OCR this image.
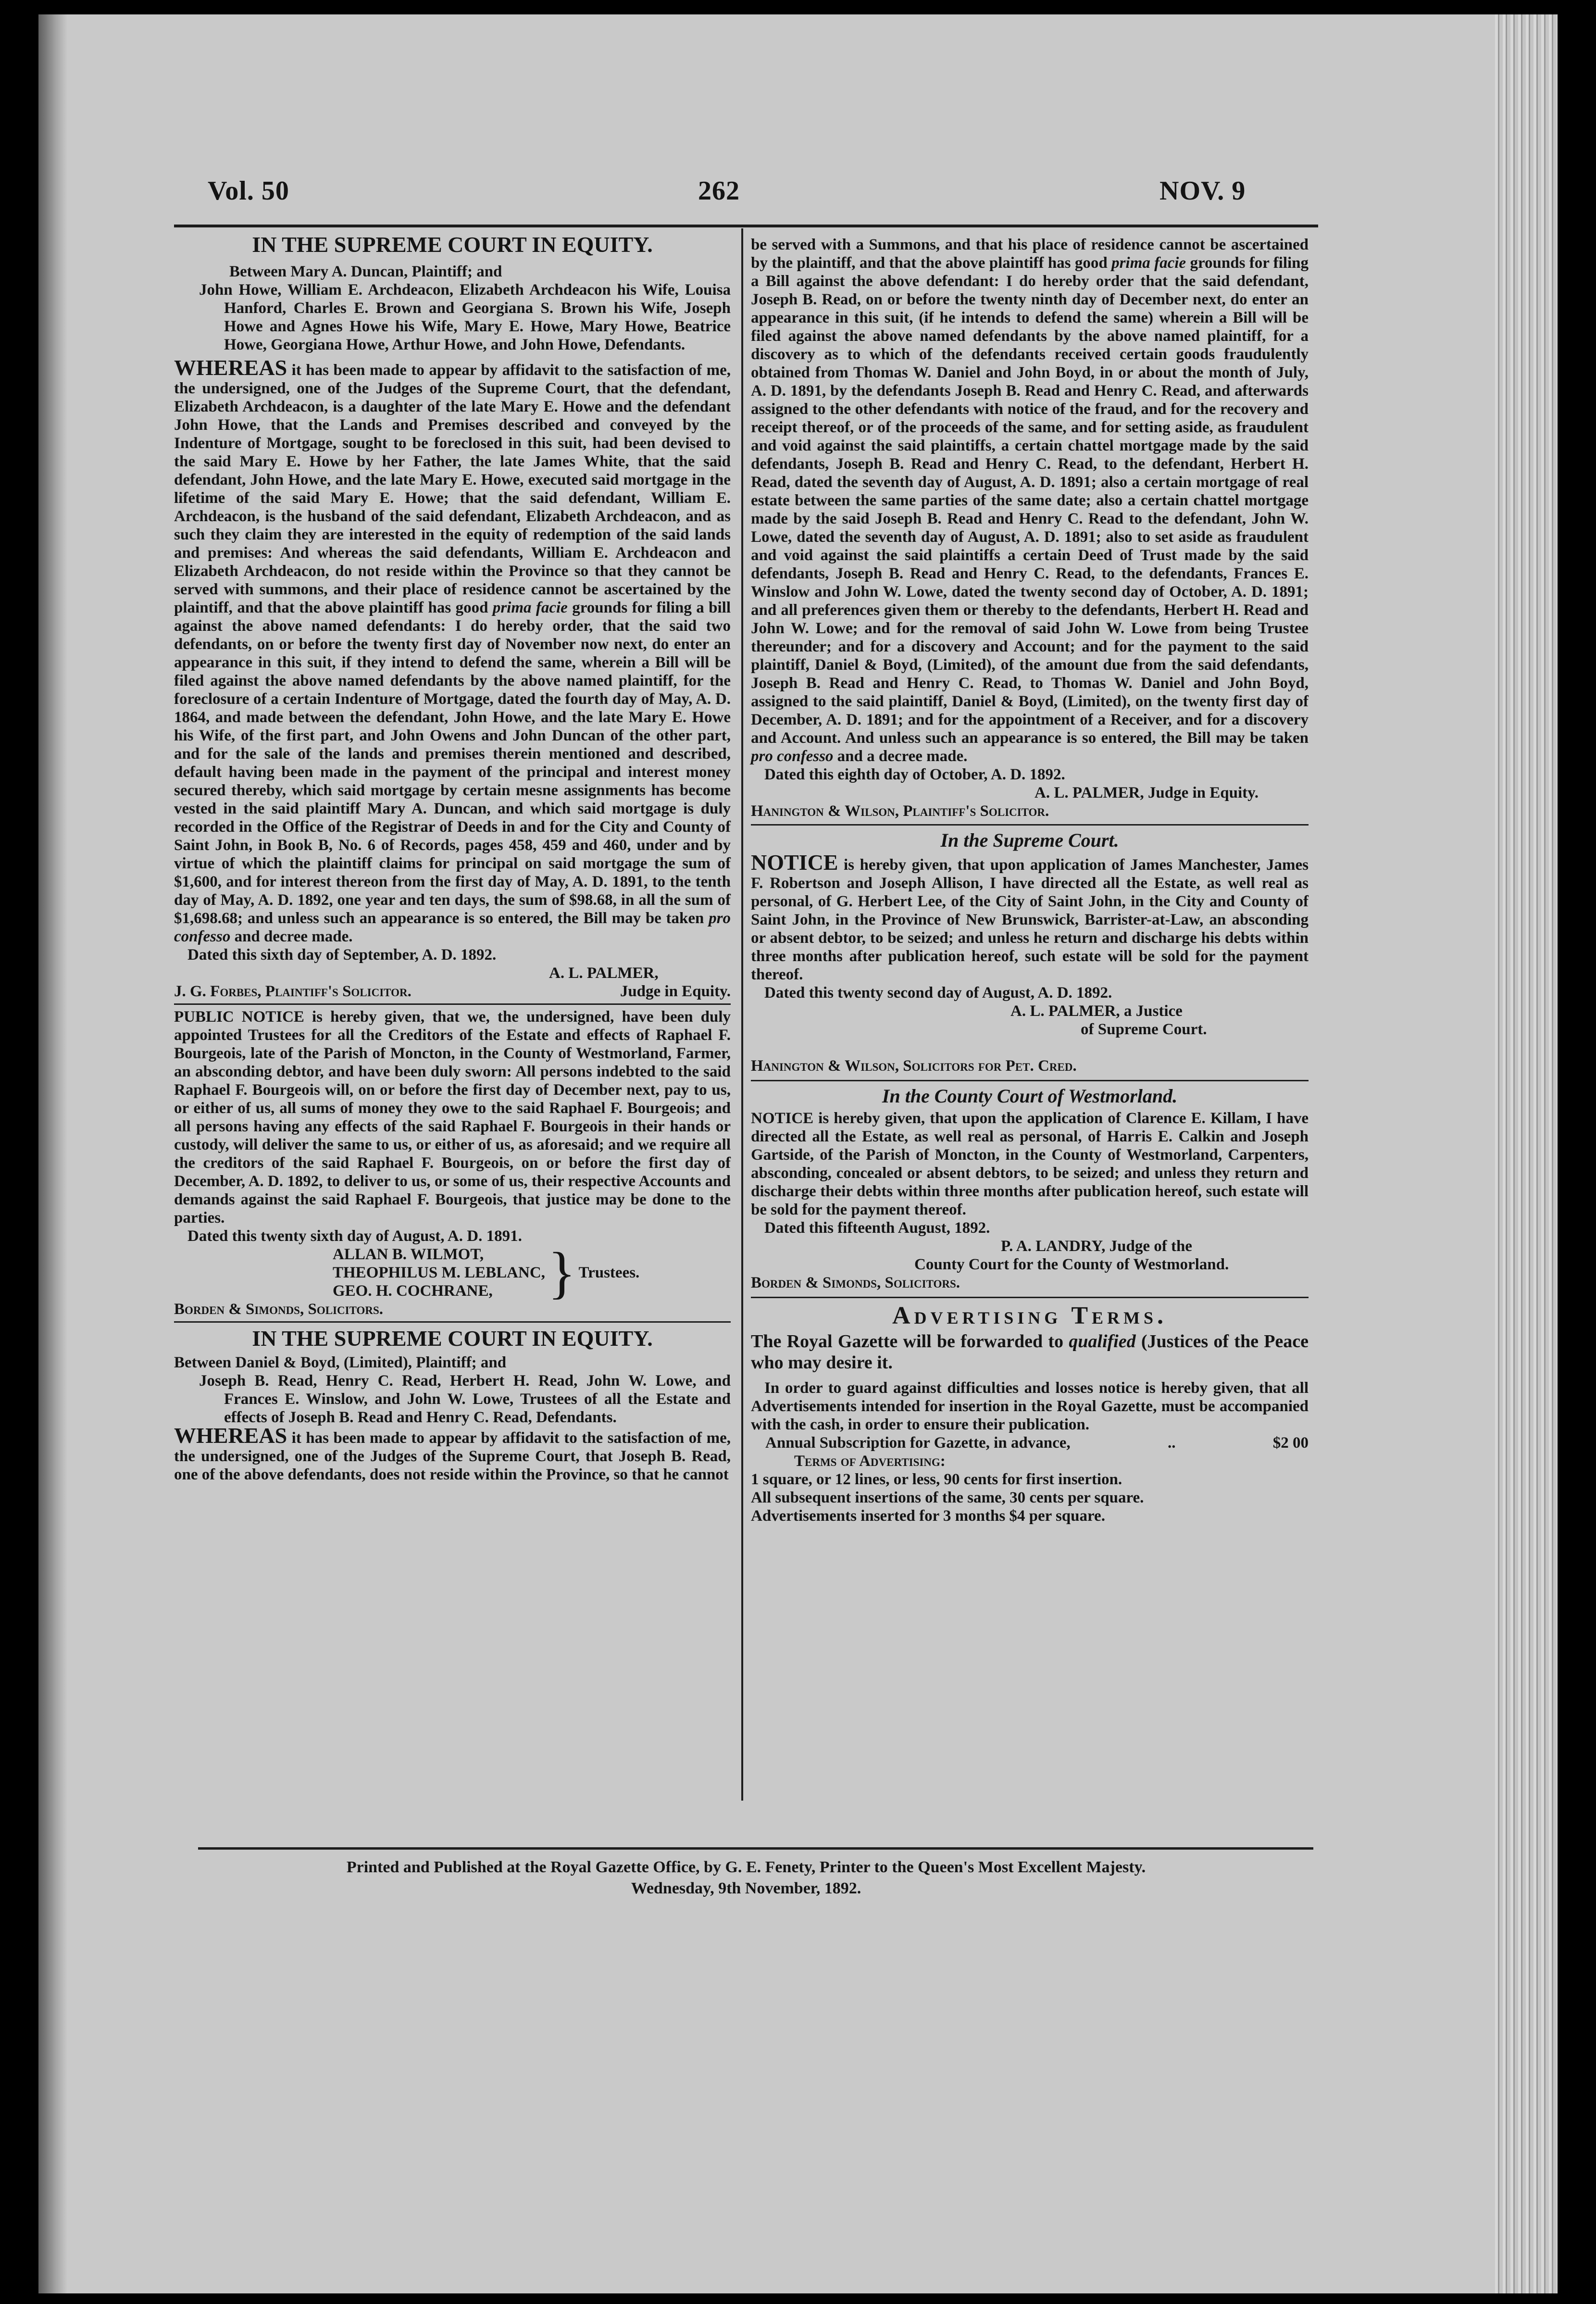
Vol. 50	262	NOV. 9
IN THE SUPREME COURT IN EQUITY.

Between Mary A. Duncan, Plaintiff; and

John Howe, William E. Archdeacon, Elizabeth Archdeacon his Wife, Louisa Hanford, Charles E. Brown and Georgiana S. Brown his Wife, Joseph Howe and Agnes Howe his Wife, Mary E. Howe, Mary Howe, Beatrice Howe, Georgiana Howe, Arthur Howe, and John Howe, Defendants.

WHEREAS it has been made to appear by affidavit to the satisfaction of me, the undersigned, one of the Judges of the Supreme Court, that the defendant, Elizabeth Archdeacon, is a daughter of the late Mary E. Howe and the defendant John Howe, that the Lands and Premises described and conveyed by the Indenture of Mortgage, sought to be foreclosed in this suit, had been devised to the said Mary E. Howe by her Father, the late James White, that the said defendant, John Howe, and the late Mary E. Howe, executed said mortgage in the lifetime of the said Mary E. Howe; that the said defendant, William E. Archdeacon, is the husband of the said defendant, Elizabeth Archdeacon, and as such they claim they are interested in the equity of redemption of the said lands and premises: And whereas the said defendants, William E. Archdeacon and Elizabeth Archdeacon, do not reside within the Province so that they cannot be served with summons, and their place of residence cannot be ascertained by the plaintiff, and that the above plaintiff has good prima facie grounds for filing a bill against the above named defendants: I do hereby order, that the said two defendants, on or before the twenty first day of November now next, do enter an appearance in this suit, if they intend to defend the same, wherein a Bill will be filed against the above named defendants by the above named plaintiff, for the foreclosure of a certain Indenture of Mortgage, dated the fourth day of May, A. D. 1864, and made between the defendant, John Howe, and the late Mary E. Howe his Wife, of the first part, and John Owens and John Duncan of the other part, and for the sale of the lands and premises therein mentioned and described, default having been made in the payment of the principal and interest money secured thereby, which said mortgage by certain mesne assignments has become vested in the said plaintiff Mary A. Duncan, and which said mortgage is duly recorded in the Office of the Registrar of Deeds in and for the City and County of Saint John, in Book B, No. 6 of Records, pages 458, 459 and 460, under and by virtue of which the plaintiff claims for principal on said mortgage the sum of $1,600, and for interest thereon from the first day of May, A. D. 1891, to the tenth day of May, A. D. 1892, one year and ten days, the sum of $98.68, in all the sum of $1,698.68; and unless such an appearance is so entered, the Bill may be taken pro confesso and decree made.

Dated this sixth day of September, A. D. 1892.

A. L. PALMER,
J. G. Forbes, Plaintiff's Solicitor.	Judge in Equity.

PUBLIC NOTICE is hereby given, that we, the undersigned, have been duly appointed Trustees for all the Creditors of the Estate and effects of Raphael F. Bourgeois, late of the Parish of Moncton, in the County of Westmorland, Farmer, an absconding debtor, and have been duly sworn: All persons indebted to the said Raphael F. Bourgeois will, on or before the first day of December next, pay to us, or either of us, all sums of money they owe to the said Raphael F. Bourgeois; and all persons having any effects of the said Raphael F. Bourgeois in their hands or custody, will deliver the same to us, or either of us, as aforesaid; and we require all the creditors of the said Raphael F. Bourgeois, on or before the first day of December, A. D. 1892, to deliver to us, or some of us, their respective Accounts and demands against the said Raphael F. Bourgeois, that justice may be done to the parties.

Dated this twenty sixth day of August, A. D. 1891.

ALLAN B. WILMOT,
THEOPHILUS M. LEBLANC,
GEO. H. COCHRANE, } Trustees.
Borden & Simonds, Solicitors.
IN THE SUPREME COURT IN EQUITY.

Between Daniel & Boyd, (Limited), Plaintiff; and

Joseph B. Read, Henry C. Read, Herbert H. Read, John W. Lowe, and Frances E. Winslow, and John W. Lowe, Trustees of all the Estate and effects of Joseph B. Read and Henry C. Read, Defendants.

WHEREAS it has been made to appear by affidavit to the satisfaction of me, the undersigned, one of the Judges of the Supreme Court, that Joseph B. Read, one of the above defendants, does not reside within the Province, so that he cannot

be served with a Summons, and that his place of residence cannot be ascertained by the plaintiff, and that the above plaintiff has good prima facie grounds for filing a Bill against the above defendant: I do hereby order that the said defendant, Joseph B. Read, on or before the twenty ninth day of December next, do enter an appearance in this suit, (if he intends to defend the same) wherein a Bill will be filed against the above named defendants by the above named plaintiff, for a discovery as to which of the defendants received certain goods fraudulently obtained from Thomas W. Daniel and John Boyd, in or about the month of July, A. D. 1891, by the defendants Joseph B. Read and Henry C. Read, and afterwards assigned to the other defendants with notice of the fraud, and for the recovery and receipt thereof, or of the proceeds of the same, and for setting aside, as fraudulent and void against the said plaintiffs, a certain chattel mortgage made by the said defendants, Joseph B. Read and Henry C. Read, to the defendant, Herbert H. Read, dated the seventh day of August, A. D. 1891; also a certain mortgage of real estate between the same parties of the same date; also a certain chattel mortgage made by the said Joseph B. Read and Henry C. Read to the defendant, John W. Lowe, dated the seventh day of August, A. D. 1891; also to set aside as fraudulent and void against the said plaintiffs a certain Deed of Trust made by the said defendants, Joseph B. Read and Henry C. Read, to the defendants, Frances E. Winslow and John W. Lowe, dated the twenty second day of October, A. D. 1891; and all preferences given them or thereby to the defendants, Herbert H. Read and John W. Lowe; and for the removal of said John W. Lowe from being Trustee thereunder; and for a discovery and Account; and for the payment to the said plaintiff, Daniel & Boyd, (Limited), of the amount due from the said defendants, Joseph B. Read and Henry C. Read, to Thomas W. Daniel and John Boyd, assigned to the said plaintiff, Daniel & Boyd, (Limited), on the twenty first day of December, A. D. 1891; and for the appointment of a Receiver, and for a discovery and Account. And unless such an appearance is so entered, the Bill may be taken pro confesso and a decree made.

Dated this eighth day of October, A. D. 1892.

A. L. PALMER, Judge in Equity.
Hanington & Wilson, Plaintiff's Solicitor.
In the Supreme Court.

NOTICE is hereby given, that upon application of James Manchester, James F. Robertson and Joseph Allison, I have directed all the Estate, as well real as personal, of G. Herbert Lee, of the City of Saint John, in the City and County of Saint John, in the Province of New Brunswick, Barrister-at-Law, an absconding or absent debtor, to be seized; and unless he return and discharge his debts within three months after publication hereof, such estate will be sold for the payment thereof.

Dated this twenty second day of August, A. D. 1892.

A. L. PALMER, a Justice
of Supreme Court.
Hanington & Wilson, Solicitors for Pet. Cred.
In the County Court of Westmorland.

NOTICE is hereby given, that upon the application of Clarence E. Killam, I have directed all the Estate, as well real as personal, of Harris E. Calkin and Joseph Gartside, of the Parish of Moncton, in the County of Westmorland, Carpenters, absconding, concealed or absent debtors, to be seized; and unless they return and discharge their debts within three months after publication hereof, such estate will be sold for the payment thereof.

Dated this fifteenth August, 1892.

P. A. LANDRY, Judge of the
County Court for the County of Westmorland.
Borden & Simonds, Solicitors.
Advertising Terms.

The Royal Gazette will be forwarded to qualified (Justices of the Peace who may desire it.

In order to guard against difficulties and losses notice is hereby given, that all Advertisements intended for insertion in the Royal Gazette, must be accompanied with the cash, in order to ensure their publication.

Annual Subscription for Gazette, in advance,	..	$2 00
Terms of Advertising:
1 square, or 12 lines, or less, 90 cents for first insertion.
All subsequent insertions of the same, 30 cents per square.
Advertisements inserted for 3 months $4 per square.
Printed and Published at the Royal Gazette Office, by G. E. Fenety, Printer to the Queen's Most Excellent Majesty.
Wednesday, 9th November, 1892.
